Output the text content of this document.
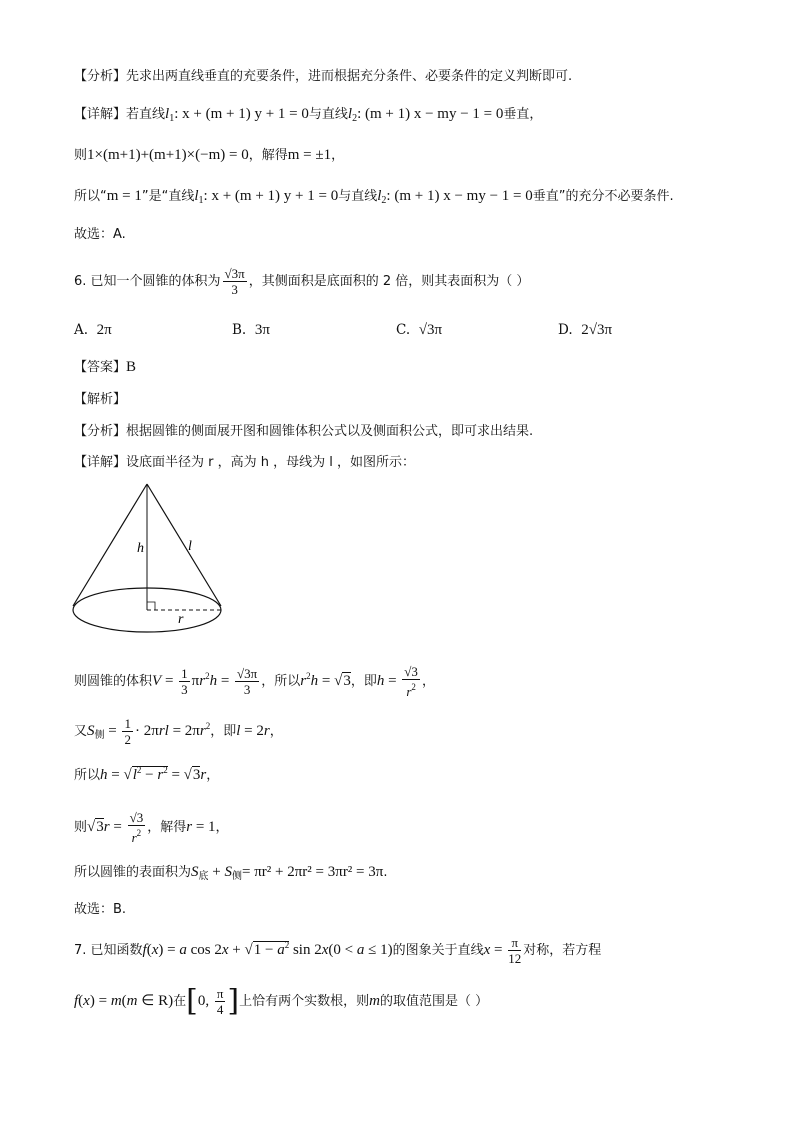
【分析】先求出两直线垂直的充要条件，进而根据充分条件、必要条件的定义判断即可.
【详解】若直线$l_1$: x + (m + 1) y + 1 = 0与直线$l_2$: (m + 1) x − my − 1 = 0垂直，
则1×(m+1)+(m+1)×(−m) = 0，解得m = ±1，
所以“m = 1”是“直线$l_1$: x + (m + 1) y + 1 = 0与直线$l_2$: (m + 1) x − my − 1 = 0垂直”的充分不必要条件.
故选：A.
6. 已知一个圆锥的体积为 $\frac{√3\pi}{3}$ ，其侧面积是底面积的 2 倍，则其表面积为（ ）
A. 2π	B. 3π	C. √3π	D. 2√3π
【答案】B
【解析】
【分析】根据圆锥的侧面展开图和圆锥体积公式以及侧面积公式，即可求出结果.
【详解】设底面半径为 r ，高为 h ，母线为 l ，如图所示：
h	l
r
则圆锥的体积$V = \frac{1}{3} \pi r^2h = \frac{√3\pi}{3}$ ，所以$r^2h = √3$，即$h = \frac{√3}{r^2}$ ，
又$S_侧 = \frac{1}{2} \cdot 2\pi rl = 2\pi r^2$，即l = 2r，
所以$h = √l^2 - r^2 = √3r$，
则$√3r = \frac{√3}{r^2}$ ，解得r = 1，
所以圆锥的表面积为$S_底 + S_侧= \pi r^2 + 2\pi r^2 = 3\pi r^2 = 3\pi$.
故选：B.
7. 已知函数f(x) = a $\cos 2x + √1 - a^2$ sin 2x(0 < a ≤ 1)的图象关于直线$x = \frac{\pi}{12}$ 对称，若方程
f(x) = m(m ∈ R)在[0, $\frac{\pi}{4}$ ]上恰有两个实数根，则m的取值范围是（ ）
